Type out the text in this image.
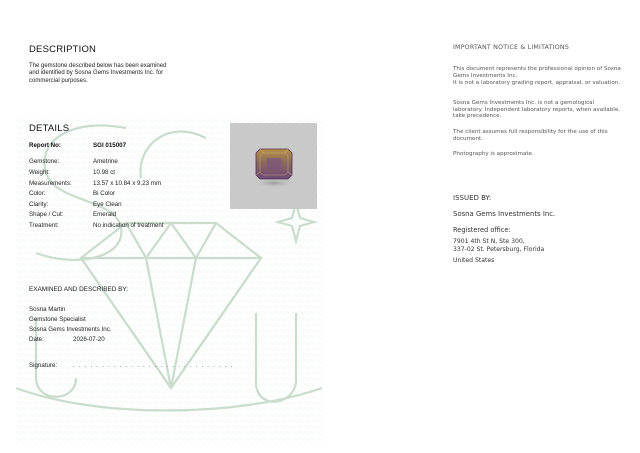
DESCRIPTION
The gemstone described below has been examined and identified by Sosna Gems Investments Inc. for commercial purposes.
DETAILS
Report No:	SGI 015007
Gemstone:	Ametrine
Weight:	10.98 ct
Measurements:	13.57 x 10.84 x 9.23 mm
Color:	Bi Color
Clarity:	Eye Clean
Shape / Cut:	Emerald
Treatment:	No indication of treatment
EXAMINED AND DESCRIBED BY:
Sosna Martin
Gemstone Specialist
Sosna Gems Investments Inc.
Date:	2026-07-20
Signature:	. . . . . . . . . . . . . . . . . . . . . . . . . . . .
IMPORTANT NOTICE & LIMITATIONS
This document represents the professional opinion of Sosna Gems Investments Inc.
It is not a laboratory grading report, appraisal, or valuation.
Sosna Gems Investments Inc. is not a gemological laboratory. Independent laboratory reports, when available, take precedence.
The client assumes full responsibility for the use of this document.
Photography is approximate.
ISSUED BY:
Sosna Gems Investments Inc.
Registered office:
7901 4th St N, Ste 300,
337-02 St. Petersburg, Florida
United States
